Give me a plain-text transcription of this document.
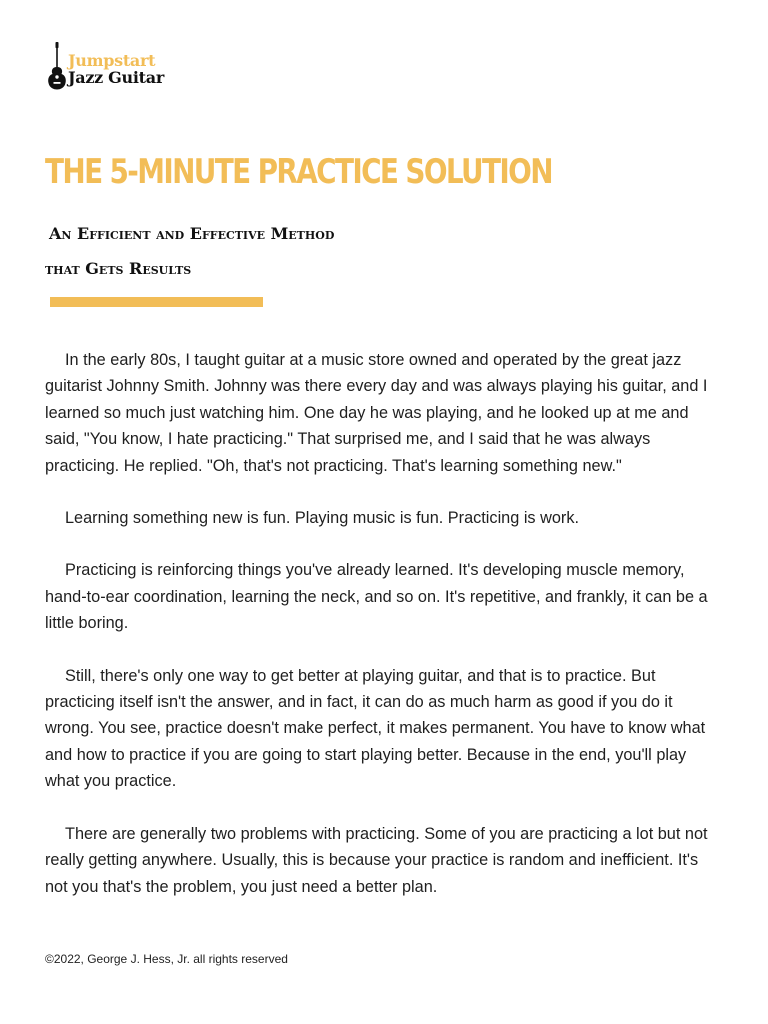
Jumpstart
Jazz Guitar
THE 5-MINUTE PRACTICE SOLUTION
An Efficient and Effective Method
that Gets Results

In the early 80s, I taught guitar at a music store owned and operated by the great jazz guitarist Johnny Smith. Johnny was there every day and was always playing his guitar, and I learned so much just watching him. One day he was playing, and he looked up at me and said, "You know, I hate practicing." That surprised me, and I said that he was always practicing. He replied. "Oh, that's not practicing. That's learning something new."

Learning something new is fun. Playing music is fun. Practicing is work.

Practicing is reinforcing things you've already learned. It's developing muscle memory, hand-to-ear coordination, learning the neck, and so on. It's repetitive, and frankly, it can be a little boring.

Still, there's only one way to get better at playing guitar, and that is to practice. But practicing itself isn't the answer, and in fact, it can do as much harm as good if you do it wrong. You see, practice doesn't make perfect, it makes permanent. You have to know what and how to practice if you are going to start playing better. Because in the end, you'll play what you practice.

There are generally two problems with practicing. Some of you are practicing a lot but not really getting anywhere. Usually, this is because your practice is random and inefficient. It's not you that's the problem, you just need a better plan.

©2022, George J. Hess, Jr. all rights reserved
